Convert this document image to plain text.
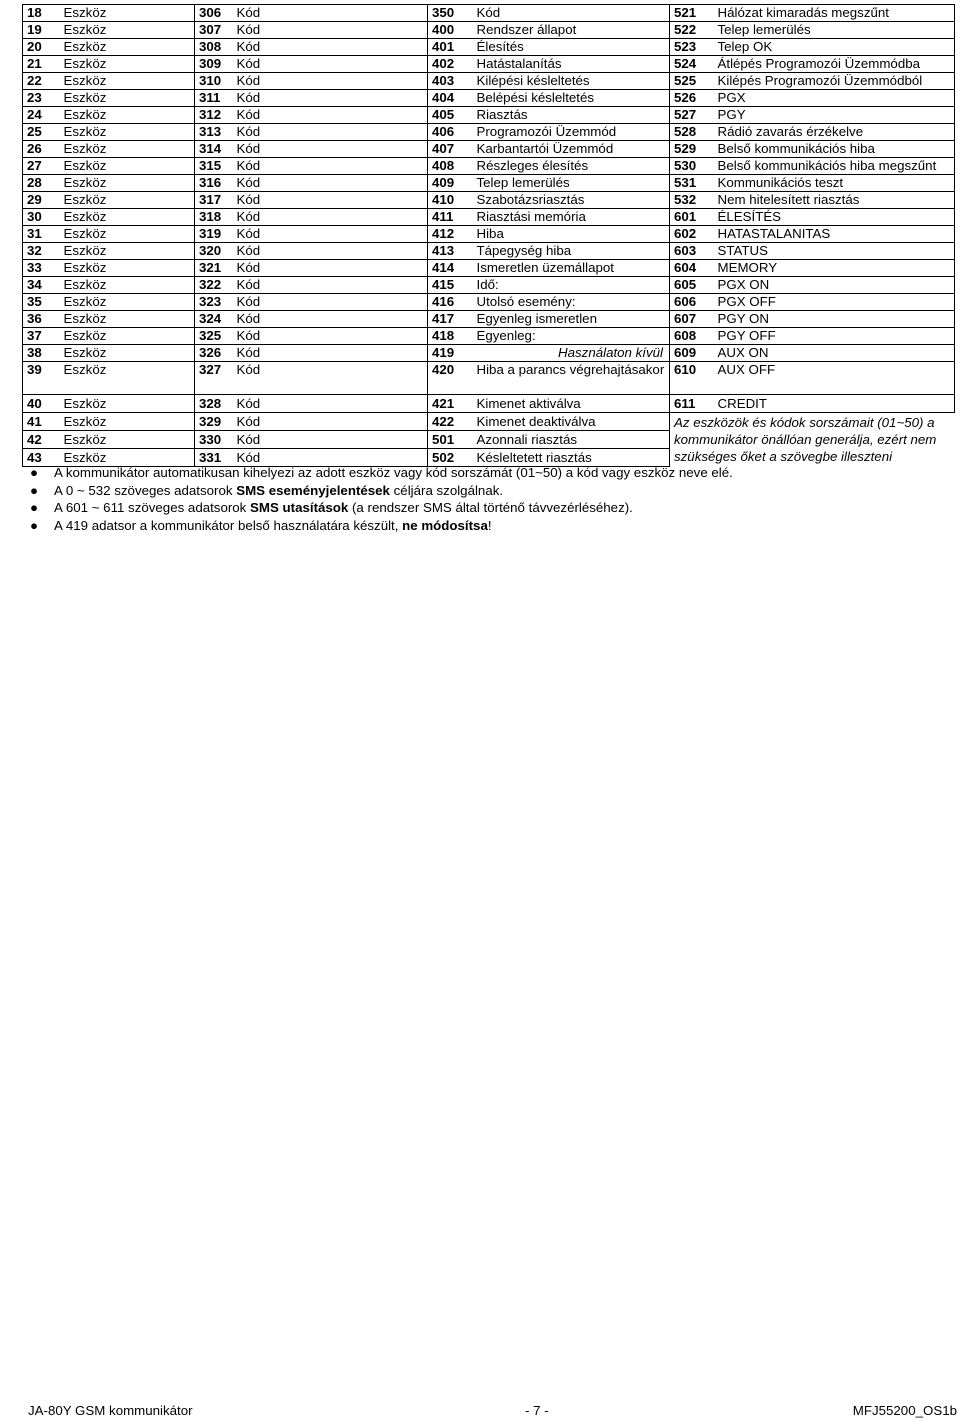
18	Eszköz	306	Kód	350	Kód	521	Hálózat kimaradás megszűnt
19	Eszköz	307	Kód	400	Rendszer állapot	522	Telep lemerülés
20	Eszköz	308	Kód	401	Élesítés	523	Telep OK
21	Eszköz	309	Kód	402	Hatástalanítás	524	Átlépés Programozói Üzemmódba
22	Eszköz	310	Kód	403	Kilépési késleltetés	525	Kilépés Programozói Üzemmódból
23	Eszköz	311	Kód	404	Belépési késleltetés	526	PGX
24	Eszköz	312	Kód	405	Riasztás	527	PGY
25	Eszköz	313	Kód	406	Programozói Üzemmód	528	Rádió zavarás érzékelve
26	Eszköz	314	Kód	407	Karbantartói Üzemmód	529	Belső kommunikációs hiba
27	Eszköz	315	Kód	408	Részleges élesítés	530	Belső kommunikációs hiba megszűnt
28	Eszköz	316	Kód	409	Telep lemerülés	531	Kommunikációs teszt
29	Eszköz	317	Kód	410	Szabotázsriasztás	532	Nem hitelesített riasztás
30	Eszköz	318	Kód	411	Riasztási memória	601	ÉLESÍTÉS
31	Eszköz	319	Kód	412	Hiba	602	HATASTALANITAS
32	Eszköz	320	Kód	413	Tápegység hiba	603	STATUS
33	Eszköz	321	Kód	414	Ismeretlen üzemállapot	604	MEMORY
34	Eszköz	322	Kód	415	Idő:	605	PGX ON
35	Eszköz	323	Kód	416	Utolsó esemény:	606	PGX OFF
36	Eszköz	324	Kód	417	Egyenleg ismeretlen	607	PGY ON
37	Eszköz	325	Kód	418	Egyenleg:	608	PGY OFF
38	Eszköz	326	Kód	419	Használaton kívül	609	AUX ON
39	Eszköz	327	Kód	420	Hiba a parancs végrehajtásakor	610	AUX OFF
40	Eszköz	328	Kód	421	Kimenet aktiválva	611	CREDIT
41	Eszköz	329	Kód	422	Kimenet deaktiválva	Az eszközök és kódok sorszámait (01~50) a kommunikátor önállóan generálja, ezért nem szükséges őket a szövegbe illeszteni	
42	Eszköz	330	Kód	501	Azonnali riasztás		
43	Eszköz	331	Kód	502	Késleltetett riasztás		
● A kommunikátor automatikusan kihelyezi az adott eszköz vagy kód sorszámát (01~50) a kód vagy eszköz neve elé.
● A 0 ~ 532 szöveges adatsorok SMS eseményjelentések céljára szolgálnak.
● A 601 ~ 611 szöveges adatsorok SMS utasítások (a rendszer SMS által történő távvezérléséhez).
● A 419 adatsor a kommunikátor belső használatára készült, ne módosítsa!
JA-80Y GSM kommunikátor	- 7 -	MFJ55200_OS1b
